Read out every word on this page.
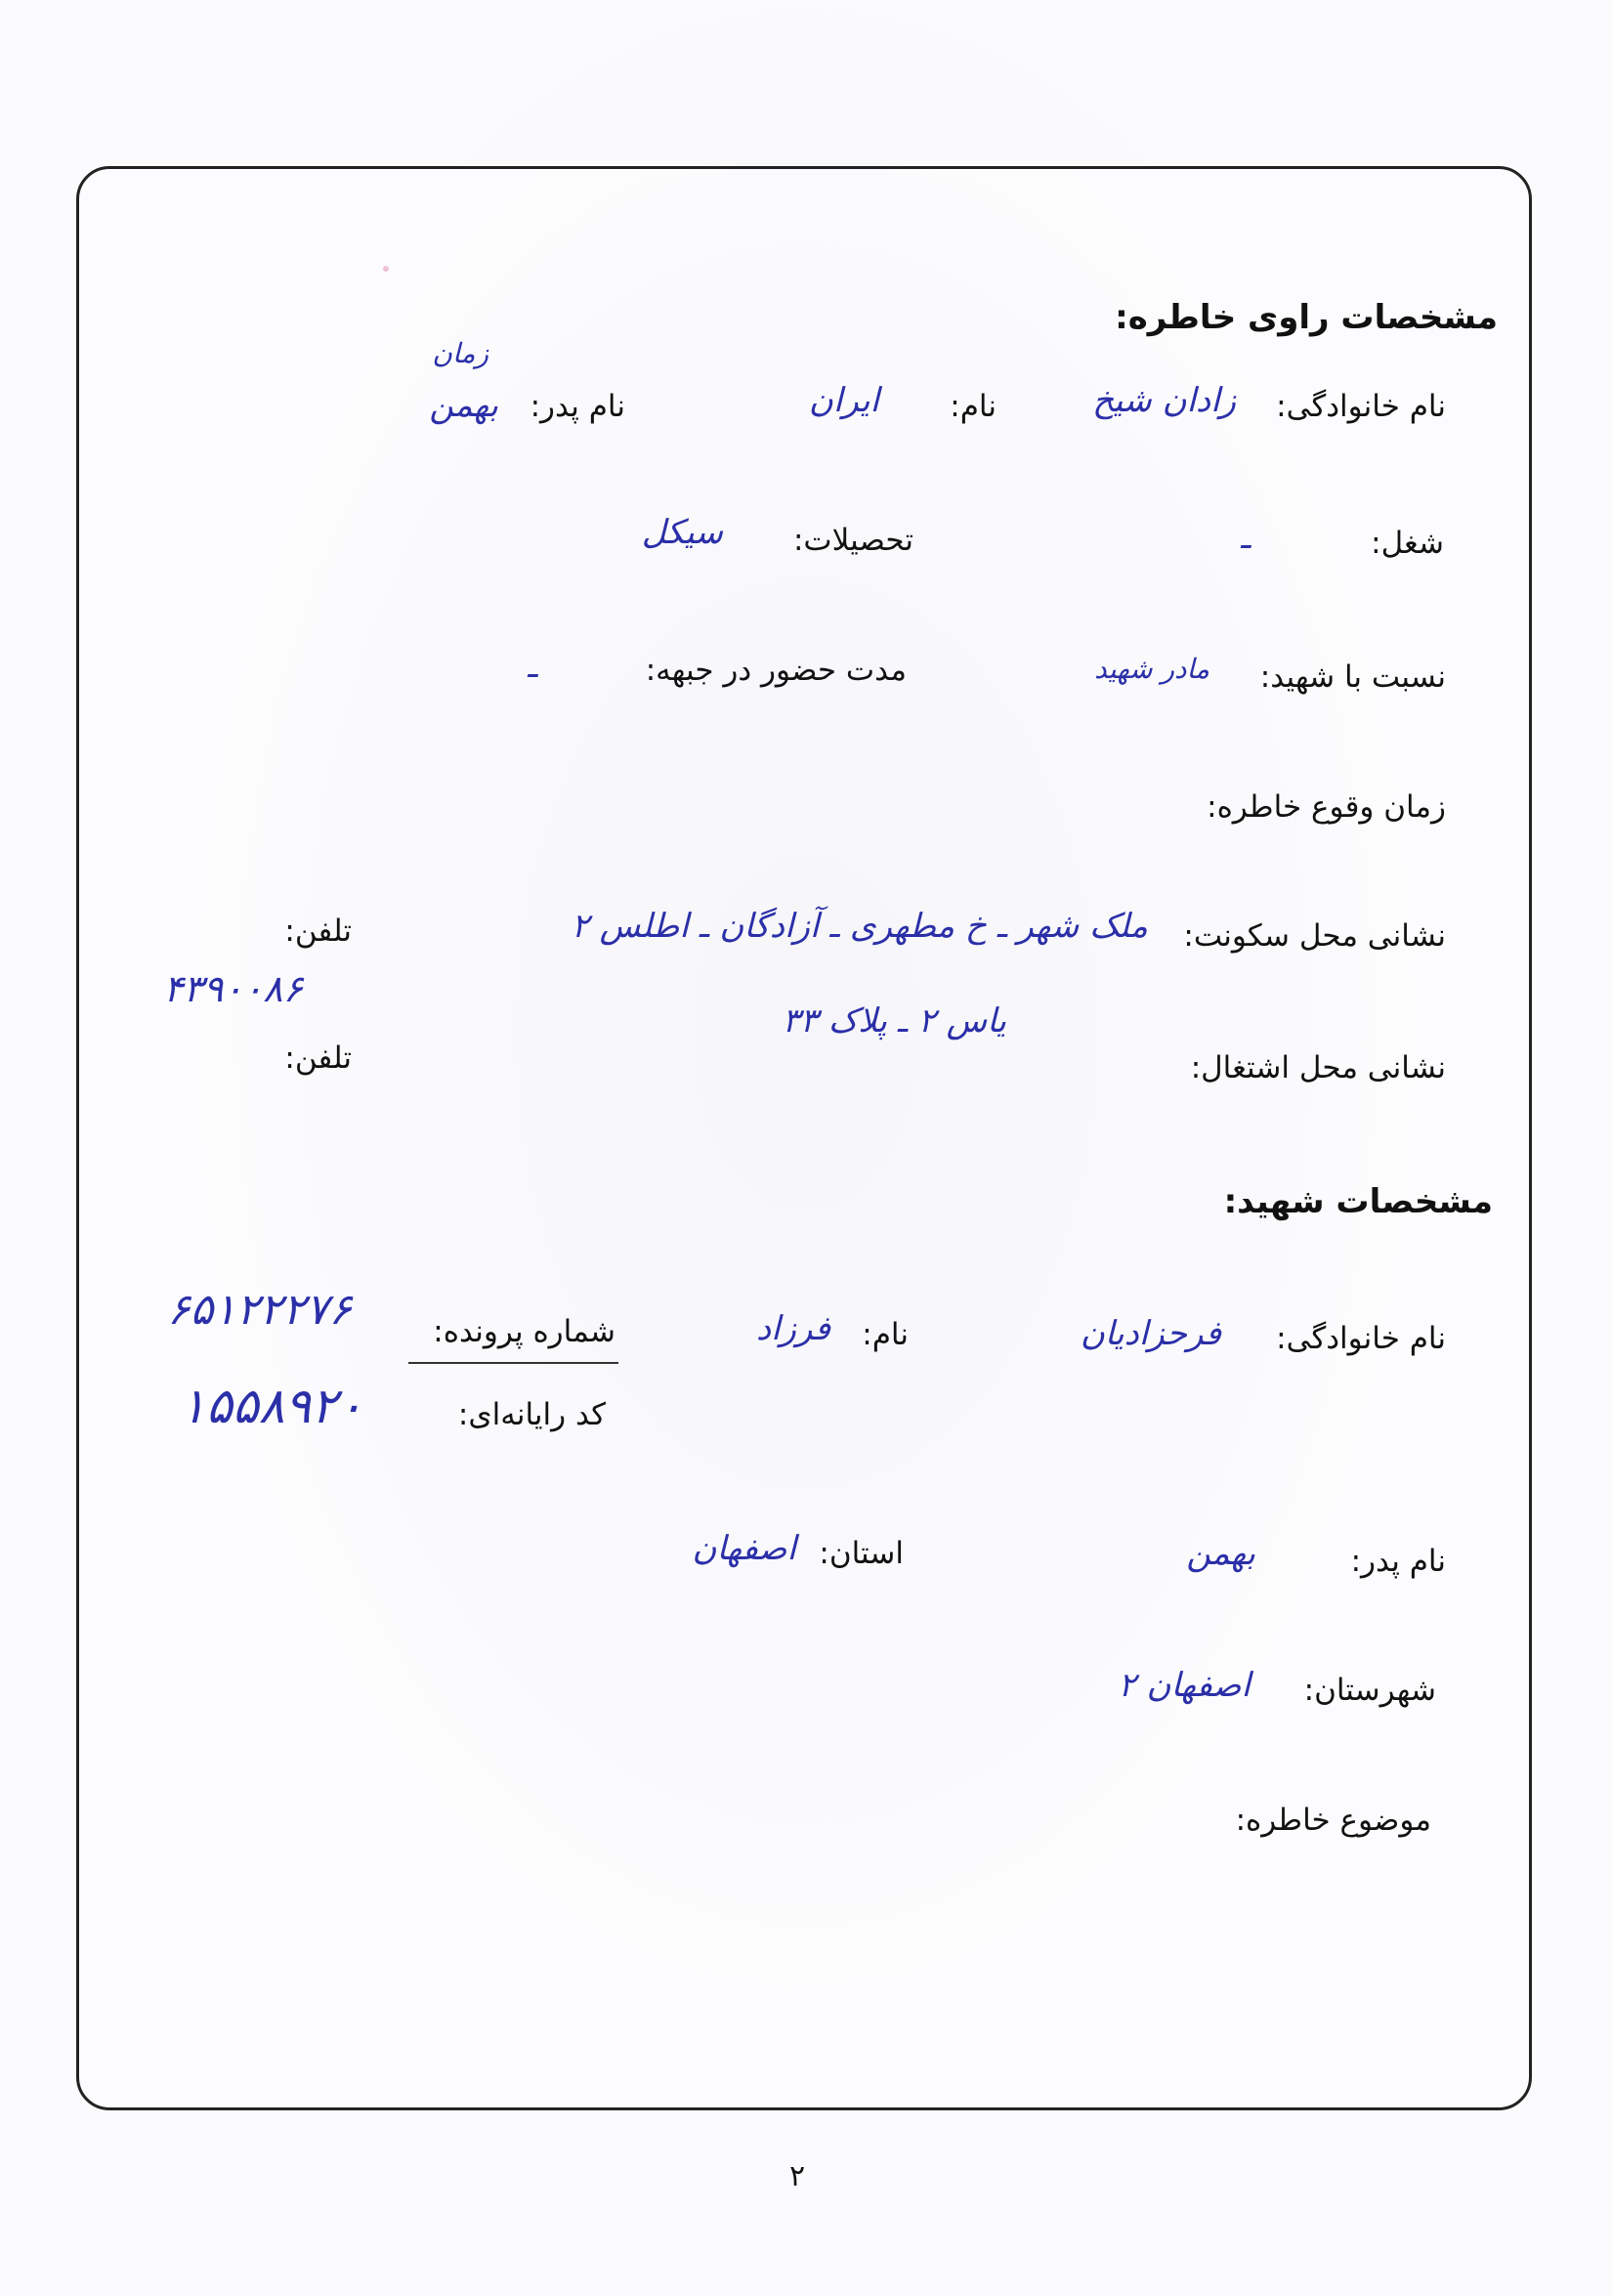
مشخصات راوی خاطره:
نام خانوادگی:
زادان شیخ
نام:
ایران
نام پدر:
بهمن
زمان
شغل:
ـ
تحصیلات:
سیکل
نسبت با شهید:
مادر شهید
مدت حضور در جبهه:
ـ
زمان وقوع خاطره:
نشانی محل سکونت:
ملک شهر ـ خ مطهری ـ آزادگان ـ اطلس ۲
یاس ۲ ـ پلاک ۳۳
تلفن:
۴۳۹۰۰۸۶
نشانی محل اشتغال:
تلفن:
مشخصات شهید:
نام خانوادگی:
فرحزادیان
نام:
فرزاد
شماره پرونده:
۶۵۱۲۲۲۷۶
کد رایانه‌ای:
۱۵۵۸۹۲۰
نام پدر:
بهمن
استان:
اصفهان
شهرستان:
اصفهان ۲
موضوع خاطره:
۲
